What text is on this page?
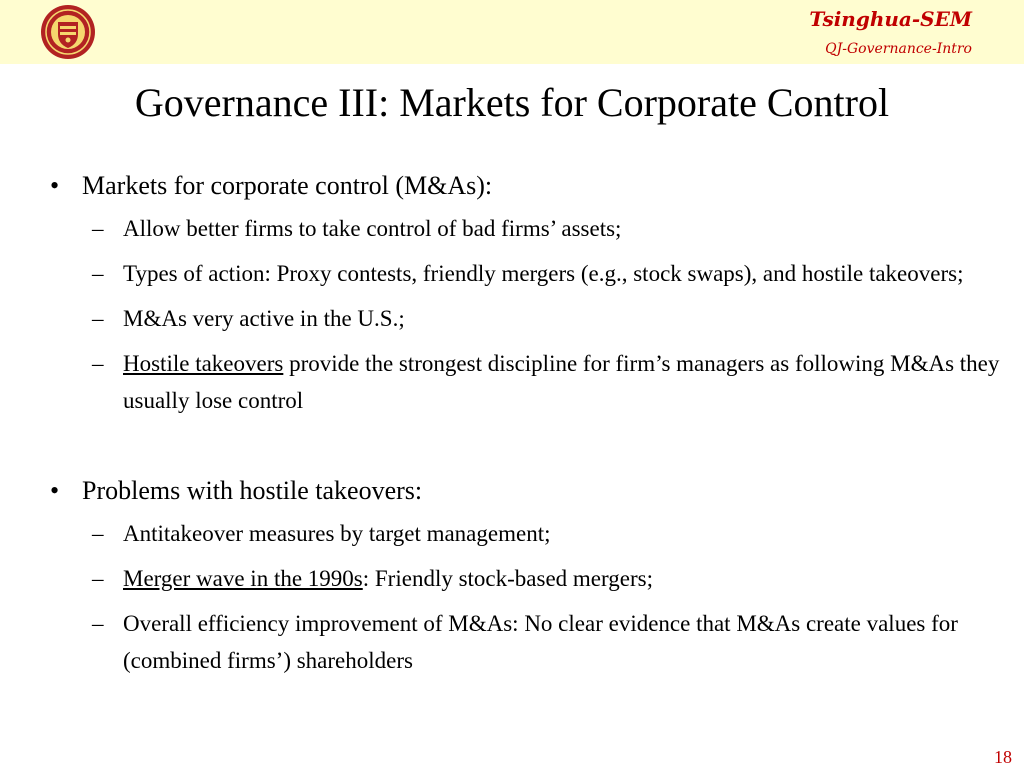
Tsinghua-SEM
QJ-Governance-Intro
Governance III: Markets for Corporate Control
• Markets for corporate control (M&As):
– Allow better firms to take control of bad firms’ assets;
– Types of action: Proxy contests, friendly mergers (e.g., stock swaps), and hostile takeovers;
– M&As very active in the U.S.;
– Hostile takeovers provide the strongest discipline for firm’s managers as following M&As they usually lose control
• Problems with hostile takeovers:
– Antitakeover measures by target management;
– Merger wave in the 1990s: Friendly stock-based mergers;
– Overall efficiency improvement of M&As: No clear evidence that M&As create values for (combined firms’) shareholders
18
